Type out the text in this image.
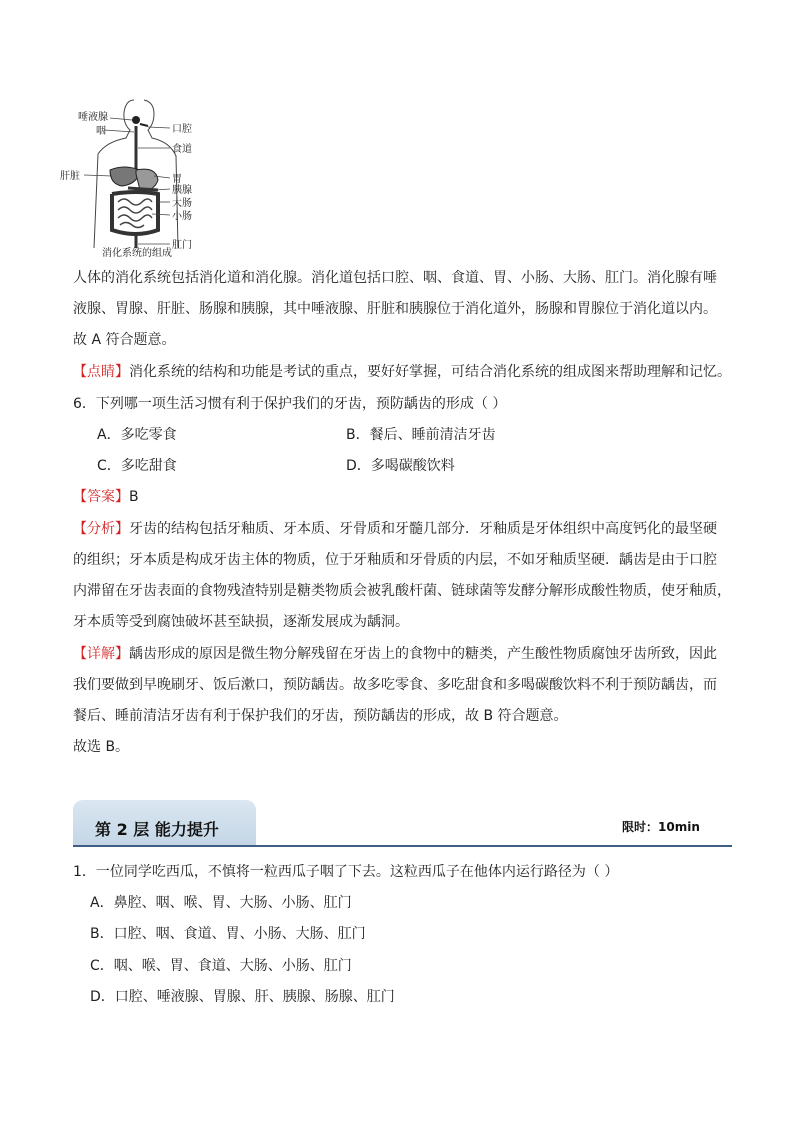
唾液腺
咽	口腔
食道
肝脏	胃
胰腺
大肠
小肠
肛门
消化系统的组成
人体的消化系统包括消化道和消化腺。消化道包括口腔、咽、食道、胃、小肠、大肠、肛门。消化腺有唾
液腺、胃腺、肝脏、肠腺和胰腺，其中唾液腺、肝脏和胰腺位于消化道外，肠腺和胃腺位于消化道以内。
故 A 符合题意。
【点睛】消化系统的结构和功能是考试的重点，要好好掌握，可结合消化系统的组成图来帮助理解和记忆。
6．下列哪一项生活习惯有利于保护我们的牙齿，预防龋齿的形成（ ）
A．多吃零食	B．餐后、睡前清洁牙齿
C．多吃甜食	D．多喝碳酸饮料
【答案】B
【分析】牙齿的结构包括牙釉质、牙本质、牙骨质和牙髓几部分．牙釉质是牙体组织中高度钙化的最坚硬
的组织；牙本质是构成牙齿主体的物质，位于牙釉质和牙骨质的内层，不如牙釉质坚硬．龋齿是由于口腔
内滞留在牙齿表面的食物残渣特别是糖类物质会被乳酸杆菌、链球菌等发酵分解形成酸性物质，使牙釉质，
牙本质等受到腐蚀破坏甚至缺损，逐渐发展成为龋洞。
【详解】龋齿形成的原因是微生物分解残留在牙齿上的食物中的糖类，产生酸性物质腐蚀牙齿所致，因此
我们要做到早晚刷牙、饭后漱口，预防龋齿。故多吃零食、多吃甜食和多喝碳酸饮料不利于预防龋齿，而
餐后、睡前清洁牙齿有利于保护我们的牙齿，预防龋齿的形成，故 B 符合题意。
故选 B。
第 2 层 能力提升	限时：10min
1．一位同学吃西瓜，不慎将一粒西瓜子咽了下去。这粒西瓜子在他体内运行路径为（ ）
A．鼻腔、咽、喉、胃、大肠、小肠、肛门
B．口腔、咽、食道、胃、小肠、大肠、肛门
C．咽、喉、胃、食道、大肠、小肠、肛门
D．口腔、唾液腺、胃腺、肝、胰腺、肠腺、肛门
